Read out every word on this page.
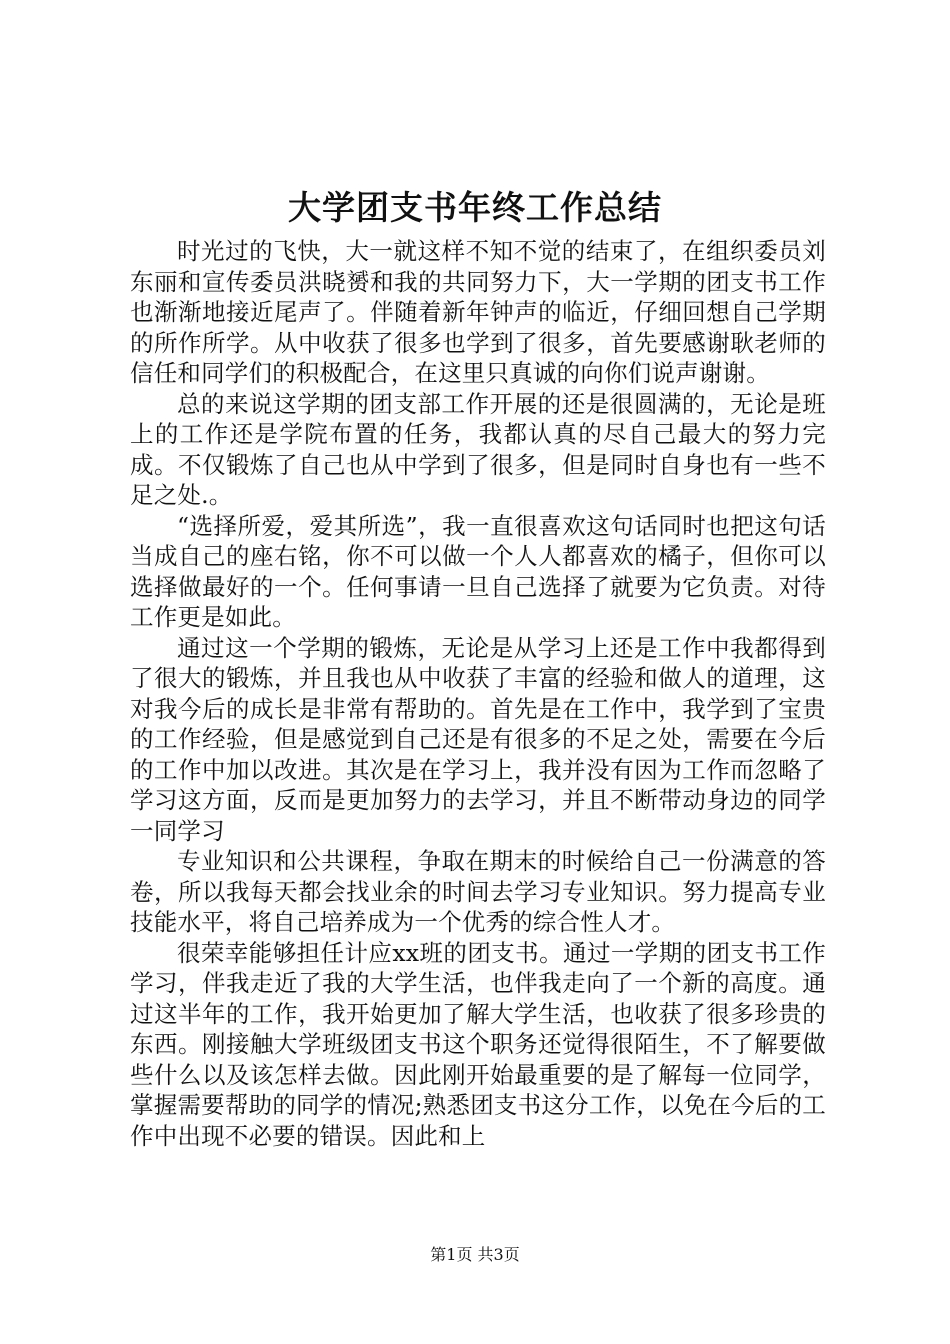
大学团支书年终工作总结

时光过的飞快，大一就这样不知不觉的结束了，在组织委员刘东丽和宣传委员洪晓赟和我的共同努力下，大一学期的团支书工作也渐渐地接近尾声了。伴随着新年钟声的临近，仔细回想自己学期的所作所学。从中收获了很多也学到了很多，首先要感谢耿老师的信任和同学们的积极配合，在这里只真诚的向你们说声谢谢。

总的来说这学期的团支部工作开展的还是很圆满的，无论是班上的工作还是学院布置的任务，我都认真的尽自己最大的努力完成。不仅锻炼了自己也从中学到了很多，但是同时自身也有一些不足之处.。

“选择所爱，爱其所选”，我一直很喜欢这句话同时也把这句话当成自己的座右铭，你不可以做一个人人都喜欢的橘子，但你可以选择做最好的一个。任何事请一旦自己选择了就要为它负责。对待工作更是如此。

通过这一个学期的锻炼，无论是从学习上还是工作中我都得到了很大的锻炼，并且我也从中收获了丰富的经验和做人的道理，这对我今后的成长是非常有帮助的。首先是在工作中，我学到了宝贵的工作经验，但是感觉到自己还是有很多的不足之处，需要在今后的工作中加以改进。其次是在学习上，我并没有因为工作而忽略了学习这方面，反而是更加努力的去学习，并且不断带动身边的同学一同学习

专业知识和公共课程，争取在期末的时候给自己一份满意的答卷，所以我每天都会找业余的时间去学习专业知识。努力提高专业技能水平，将自己培养成为一个优秀的综合性人才。

很荣幸能够担任计应xx班的团支书。通过一学期的团支书工作学习，伴我走近了我的大学生活，也伴我走向了一个新的高度。通过这半年的工作，我开始更加了解大学生活，也收获了很多珍贵的东西。刚接触大学班级团支书这个职务还觉得很陌生，不了解要做些什么以及该怎样去做。因此刚开始最重要的是了解每一位同学，掌握需要帮助的同学的情况;熟悉团支书这分工作，以免在今后的工作中出现不必要的错误。因此和上

第1页 共3页
